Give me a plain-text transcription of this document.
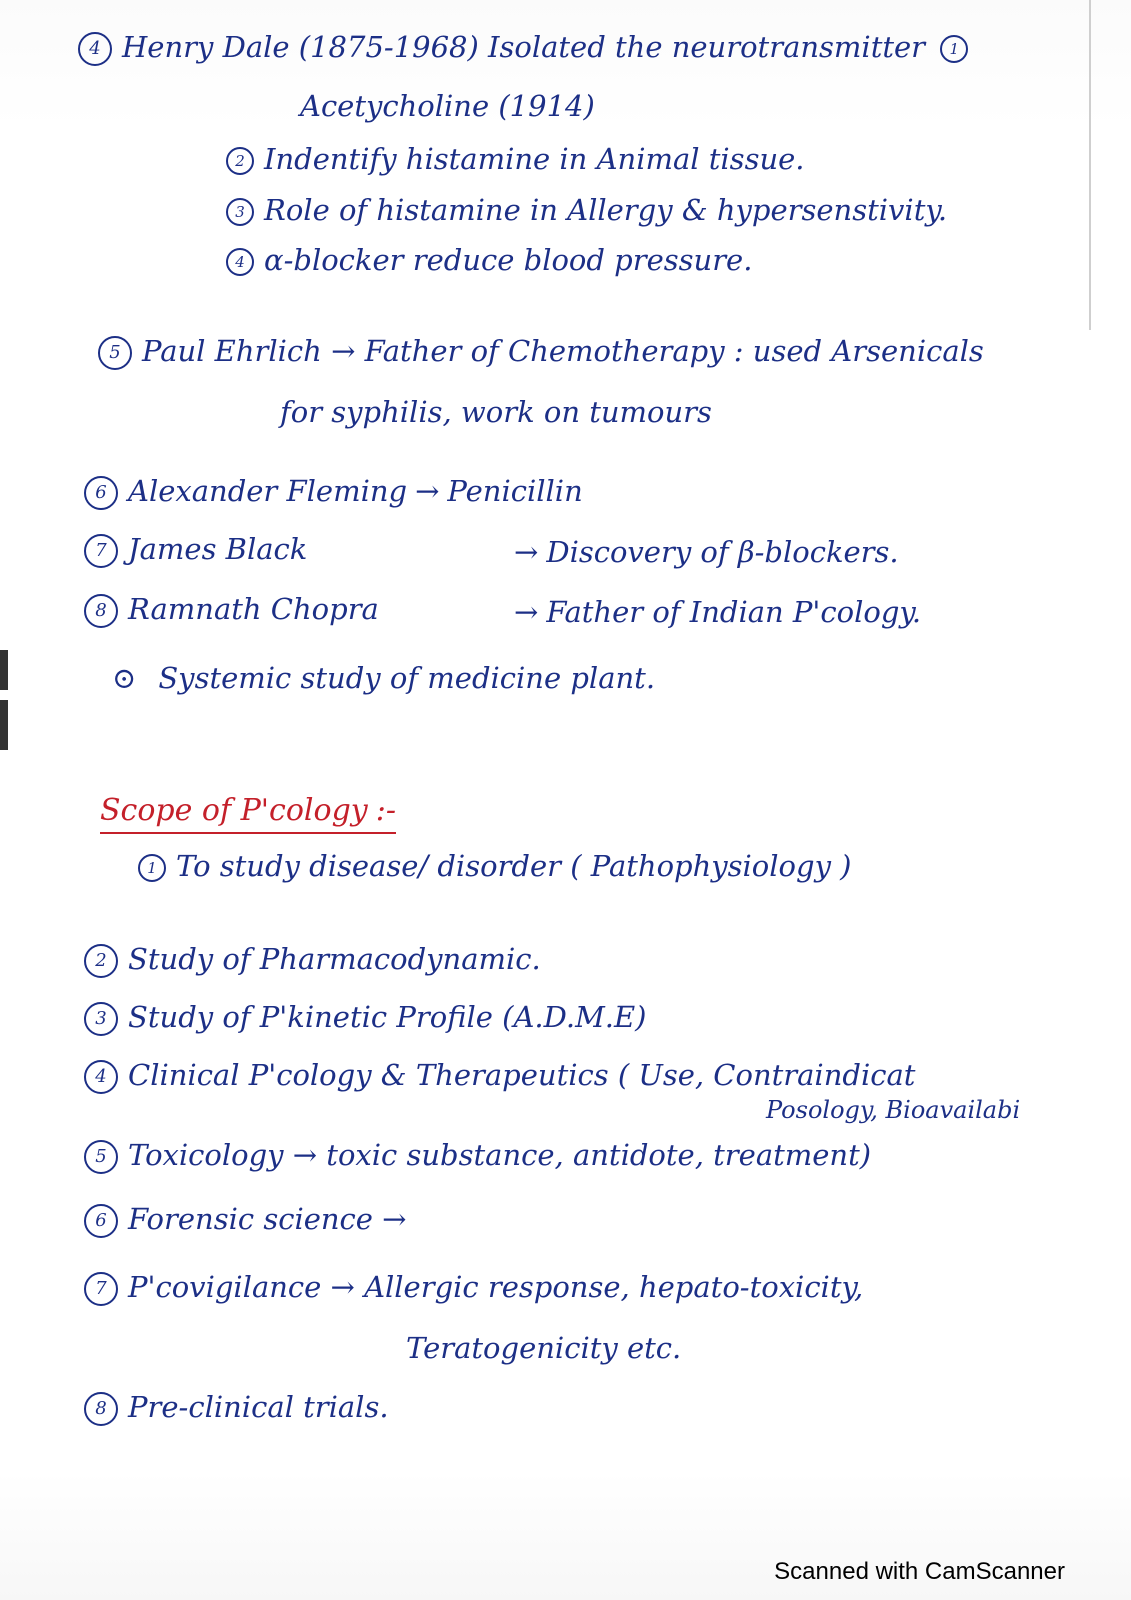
4 Henry Dale (1875-1968) Isolated the neurotransmitter 1
Acetycholine (1914)
2 Indentify histamine in Animal tissue.
3 Role of histamine in Allergy & hypersenstivity.
4 α-blocker reduce blood pressure.
5 Paul Ehrlich → Father of Chemotherapy : used Arsenicals
for syphilis, work on tumours
6 Alexander Fleming → Penicillin
7 James Black	→ Discovery of β-blockers.
8 Ramnath Chopra	→ Father of Indian P'cology.
⊙ Systemic study of medicine plant.
Scope of P'cology :-
1 To study disease/ disorder ( Pathophysiology )
2 Study of Pharmacodynamic.
3 Study of P'kinetic Profile (A.D.M.E)
4 Clinical P'cology & Therapeutics ( Use, Contraindicat
Posology, Bioavailabi
5 Toxicology → toxic substance, antidote, treatment)
6 Forensic science →
7 P'covigilance → Allergic response, hepato-toxicity,
Teratogenicity etc.
8 Pre-clinical trials.
Scanned with CamScanner
